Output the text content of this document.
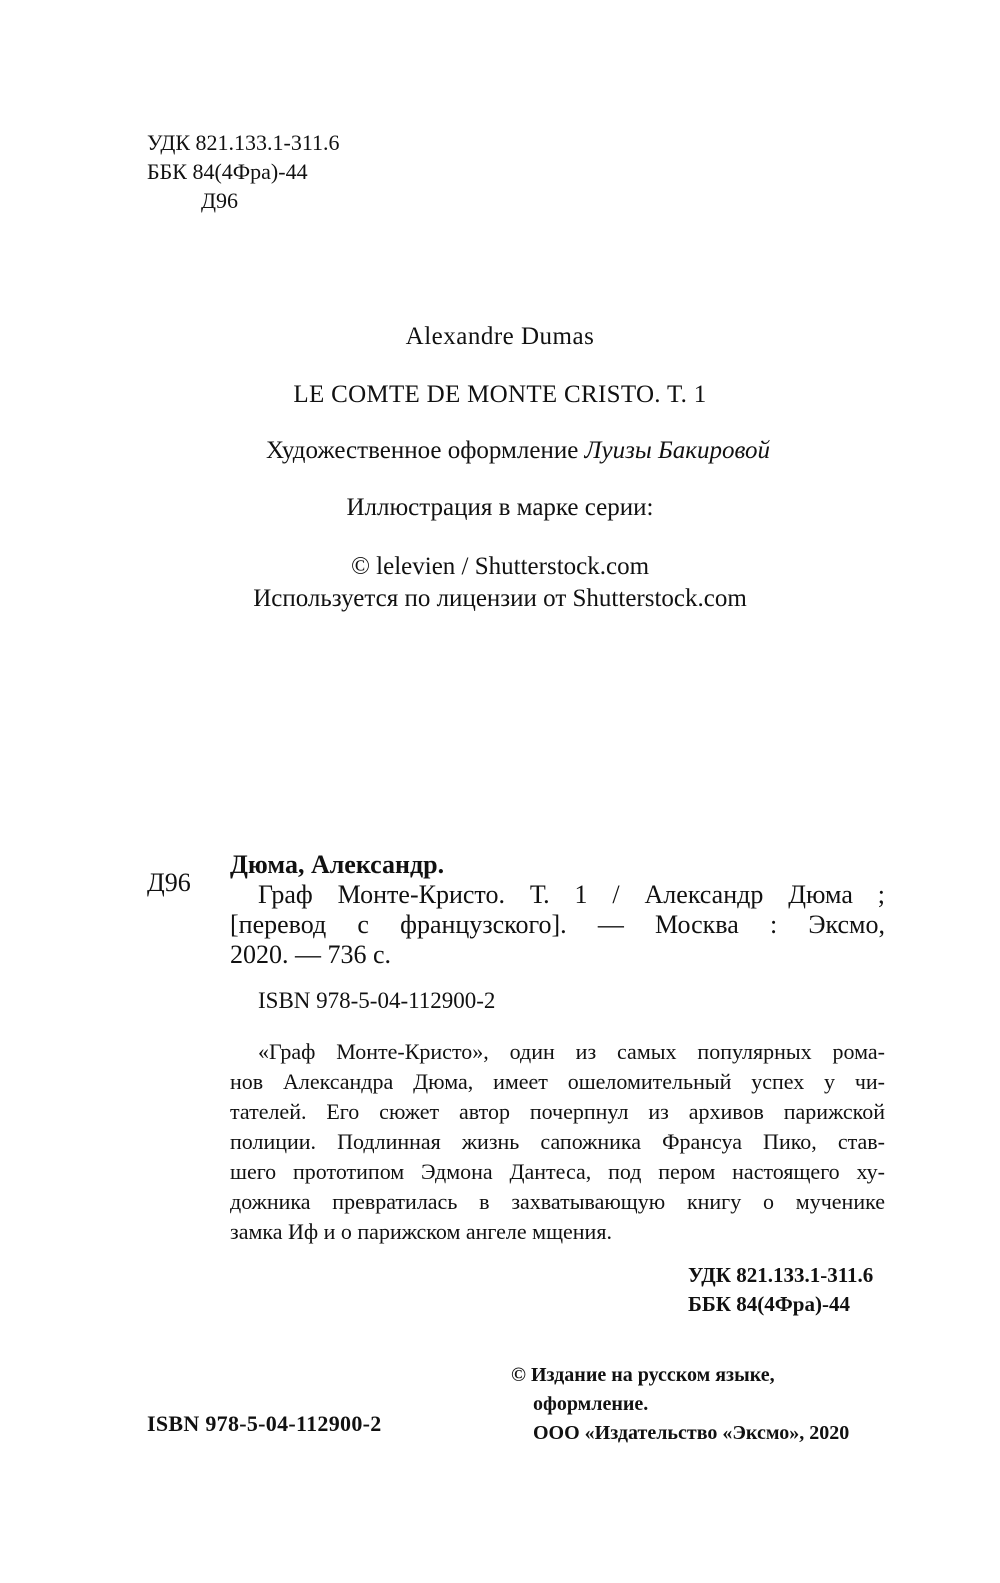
УДК 821.133.1-311.6
ББК 84(4Фра)-44
Д96
Alexandre Dumas
LE COMTE DE MONTE CRISTO. T. 1
Художественное оформление Луизы Бакировой
Иллюстрация в марке серии:
© lelevien / Shutterstock.com
Используется по лицензии от Shutterstock.com
Д96
Дюма, Александр.
Граф Монте-Кристо. Т. 1 / Александр Дюма ;
[перевод с французского]. — Москва : Эксмо,
2020. — 736 с.
ISBN 978-5-04-112900-2
«Граф Монте-Кристо», один из самых популярных рома-
нов Александра Дюма, имеет ошеломительный успех у чи-
тателей. Его сюжет автор почерпнул из архивов парижской
полиции. Подлинная жизнь сапожника Франсуа Пико, став-
шего прототипом Эдмона Дантеса, под пером настоящего ху-
дожника превратилась в захватывающую книгу о мученике
замка Иф и о парижском ангеле мщения.
УДК 821.133.1-311.6
ББК 84(4Фра)-44
© Издание на русском языке,
оформление.
ООО «Издательство «Эксмо», 2020
ISBN 978-5-04-112900-2
